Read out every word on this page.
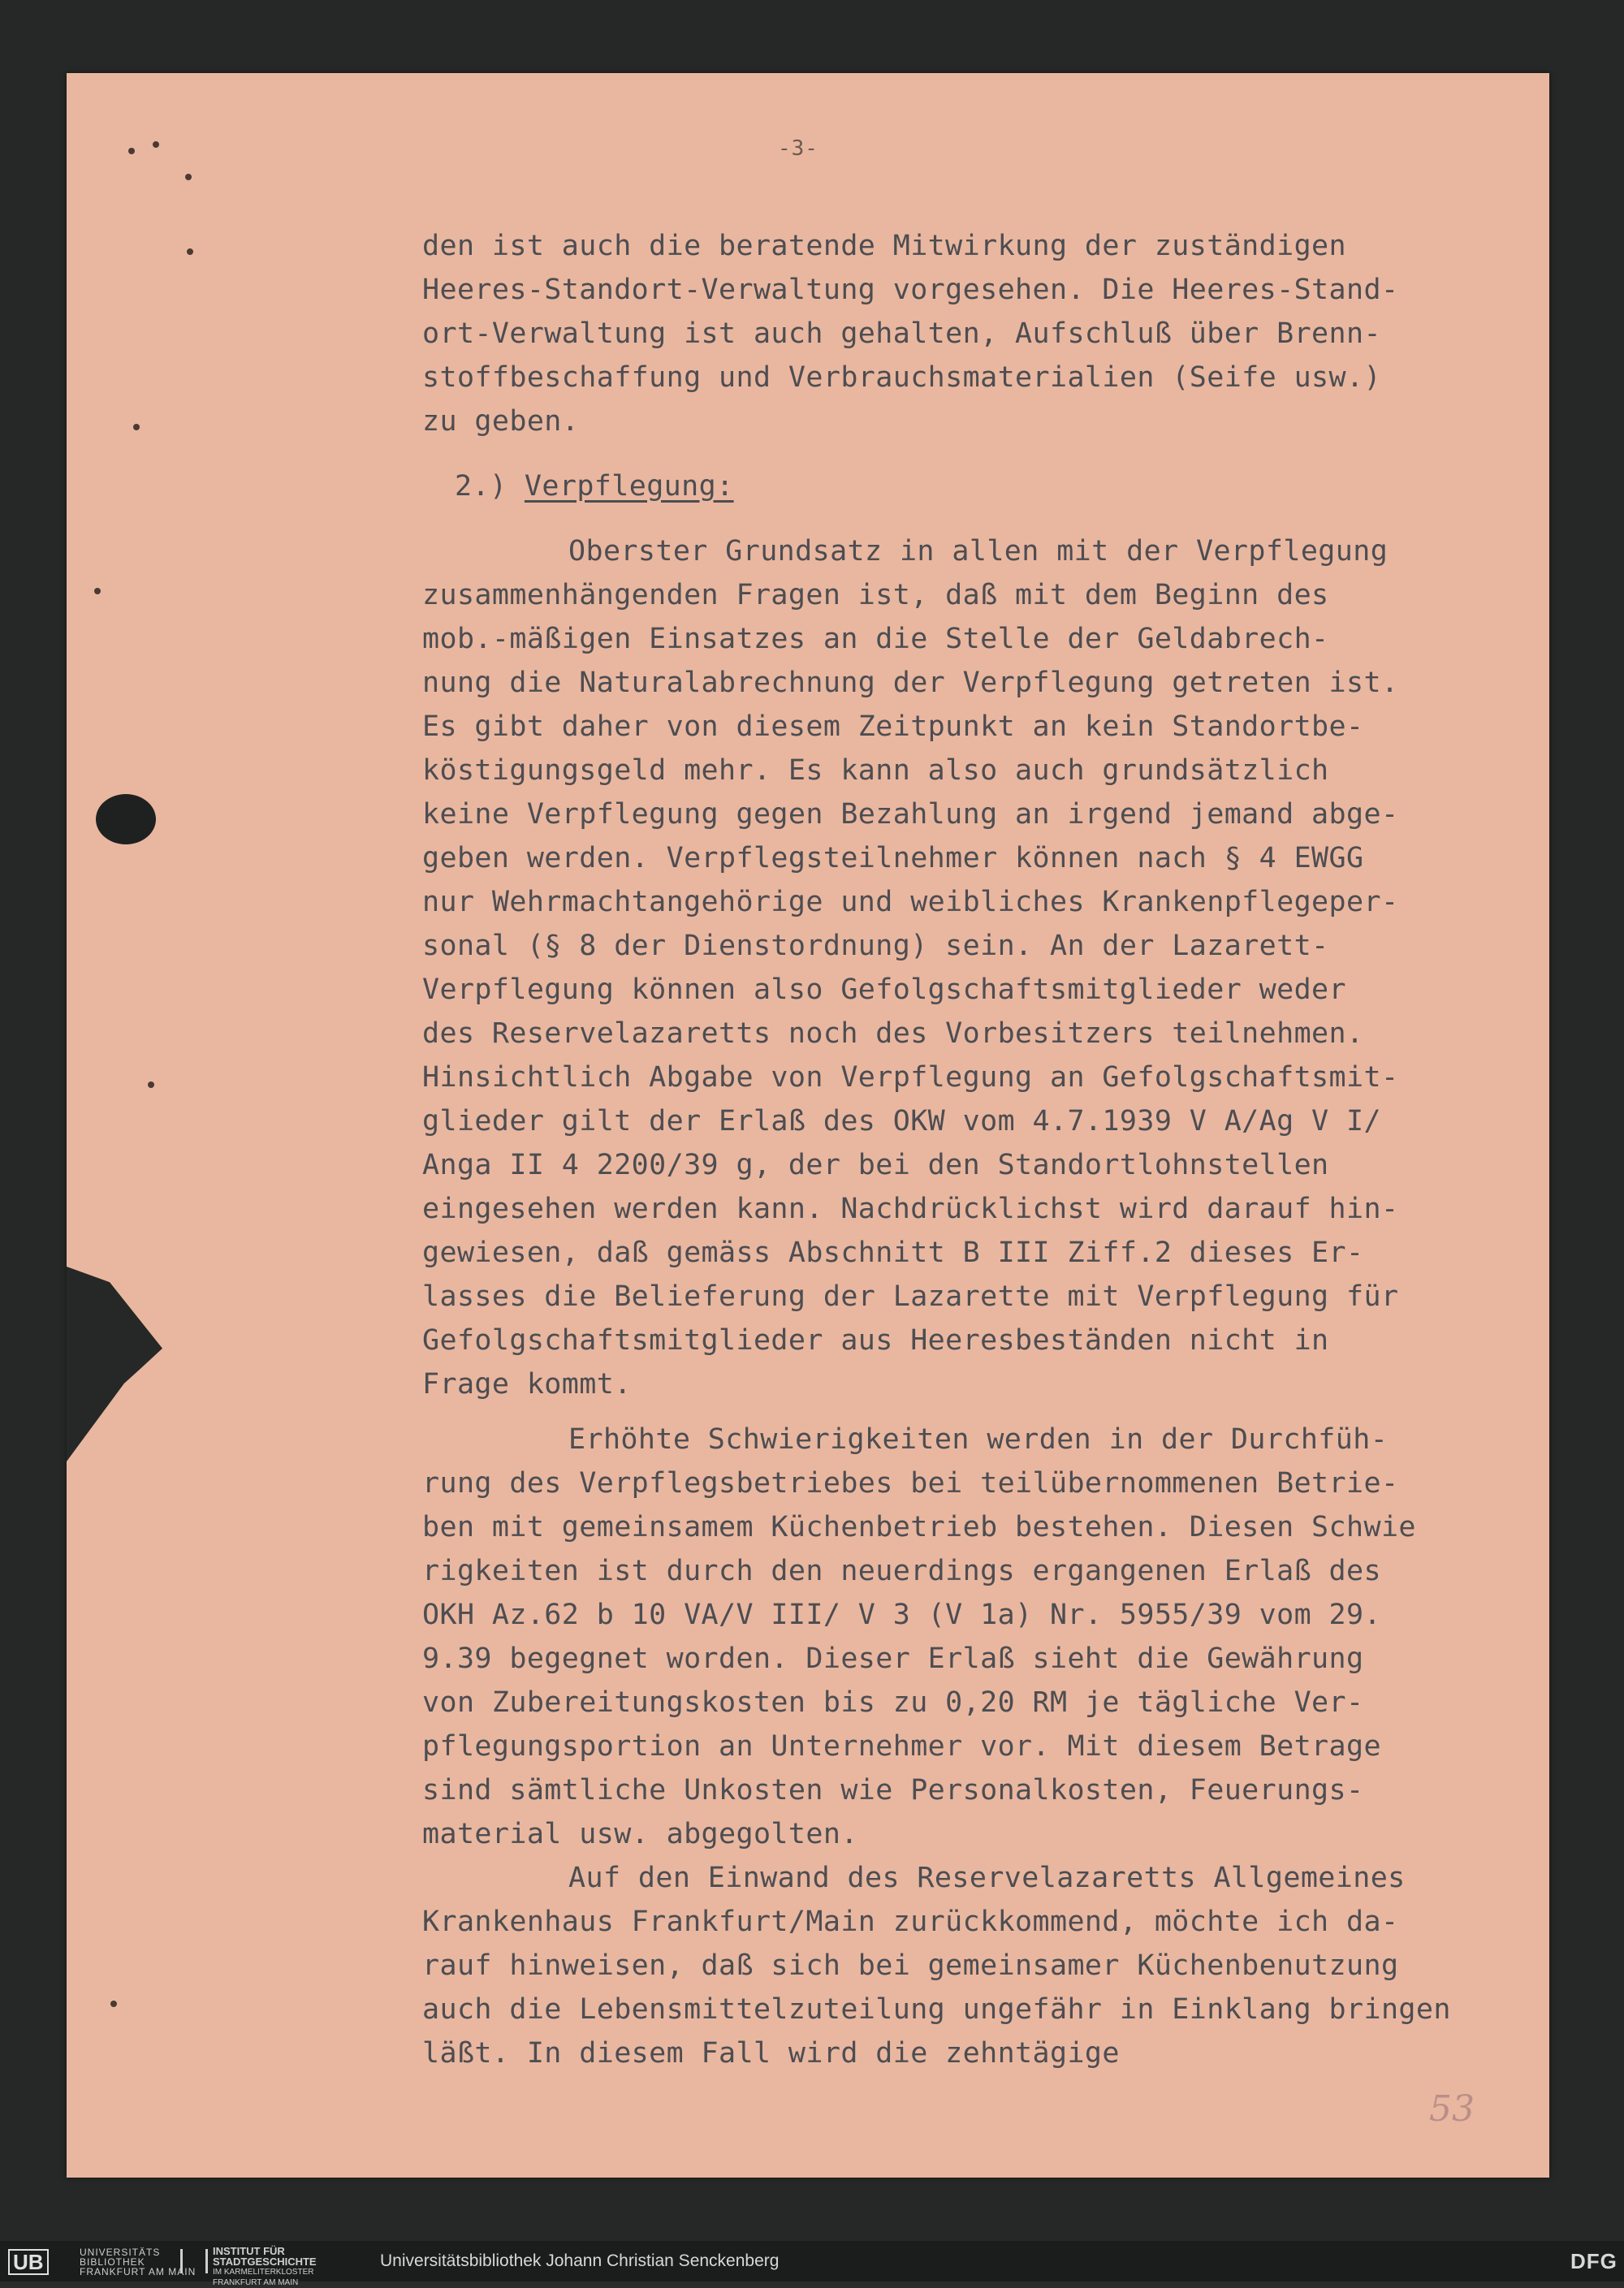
-3-
den ist auch die beratende Mitwirkung der zuständigen
Heeres-Standort-Verwaltung vorgesehen. Die Heeres-Stand-
ort-Verwaltung ist auch gehalten, Aufschluß über Brenn-
stoffbeschaffung und Verbrauchsmaterialien (Seife usw.)
zu geben.
2.) Verpflegung:
Oberster Grundsatz in allen mit der Verpflegung
zusammenhängenden Fragen ist, daß mit dem Beginn des
mob.-mäßigen Einsatzes an die Stelle der Geldabrech-
nung die Naturalabrechnung der Verpflegung getreten ist.
Es gibt daher von diesem Zeitpunkt an kein Standortbe-
köstigungsgeld mehr. Es kann also auch grundsätzlich
keine Verpflegung gegen Bezahlung an irgend jemand abge-
geben werden. Verpflegsteilnehmer können nach § 4 EWGG
nur Wehrmachtangehörige und weibliches Krankenpflegeper-
sonal (§ 8 der Dienstordnung) sein. An der Lazarett-
Verpflegung können also Gefolgschaftsmitglieder weder
des Reservelazaretts noch des Vorbesitzers teilnehmen.
Hinsichtlich Abgabe von Verpflegung an Gefolgschaftsmit-
glieder gilt der Erlaß des OKW vom 4.7.1939 V A/Ag V I/
Anga II 4 2200/39 g, der bei den Standortlohnstellen
eingesehen werden kann. Nachdrücklichst wird darauf hin-
gewiesen, daß gemäss Abschnitt B III Ziff.2 dieses Er-
lasses die Belieferung der Lazarette mit Verpflegung für
Gefolgschaftsmitglieder aus Heeresbeständen nicht in
Frage kommt.
Erhöhte Schwierigkeiten werden in der Durchfüh-
rung des Verpflegsbetriebes bei teilübernommenen Betrie-
ben mit gemeinsamem Küchenbetrieb bestehen. Diesen Schwie
rigkeiten ist durch den neuerdings ergangenen Erlaß des
OKH Az.62 b 10 VA/V III/ V 3 (V 1a) Nr. 5955/39 vom 29.
9.39 begegnet worden. Dieser Erlaß sieht die Gewährung
von Zubereitungskosten bis zu 0,20 RM je tägliche Ver-
pflegungsportion an Unternehmer vor. Mit diesem Betrage
sind sämtliche Unkosten wie Personalkosten, Feuerungs-
material usw. abgegolten.
Auf den Einwand des Reservelazaretts Allgemeines
Krankenhaus Frankfurt/Main zurückkommend, möchte ich da-
rauf hinweisen, daß sich bei gemeinsamer Küchenbenutzung
auch die Lebensmittelzuteilung ungefähr in Einklang bringen
läßt. In diesem Fall wird die zehntägige
53
UB	UNIVERSITÄTS
BIBLIOTHEK
FRANKFURT AM MAIN
INSTITUT FÜR
STADTGESCHICHTE
IM KARMELITERKLOSTER
FRANKFURT AM MAIN
Universitätsbibliothek Johann Christian Senckenberg	DFG
